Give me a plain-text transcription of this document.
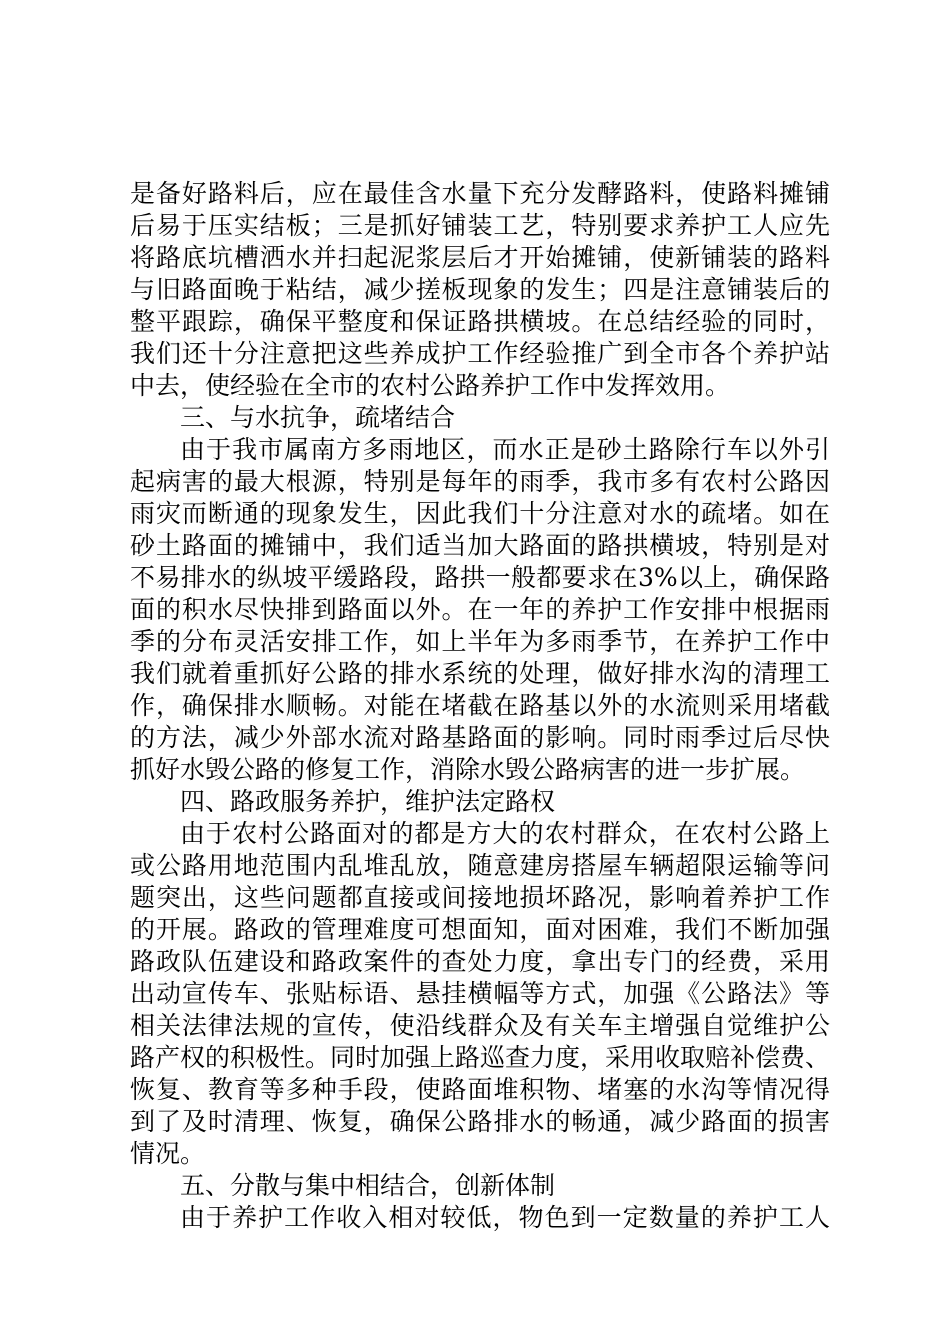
是备好路料后，应在最佳含水量下充分发酵路料，使路料摊铺
后易于压实结板；三是抓好铺装工艺，特别要求养护工人应先
将路底坑槽洒水并扫起泥浆层后才开始摊铺，使新铺装的路料
与旧路面晚于粘结，减少搓板现象的发生；四是注意铺装后的
整平跟踪，确保平整度和保证路拱横坡。在总结经验的同时，
我们还十分注意把这些养成护工作经验推广到全市各个养护站
中去，使经验在全市的农村公路养护工作中发挥效用。
三、与水抗争，疏堵结合
由于我市属南方多雨地区，而水正是砂土路除行车以外引
起病害的最大根源，特别是每年的雨季，我市多有农村公路因
雨灾而断通的现象发生，因此我们十分注意对水的疏堵。如在
砂土路面的摊铺中，我们适当加大路面的路拱横坡，特别是对
不易排水的纵坡平缓路段，路拱一般都要求在3%以上，确保路
面的积水尽快排到路面以外。在一年的养护工作安排中根据雨
季的分布灵活安排工作，如上半年为多雨季节，在养护工作中
我们就着重抓好公路的排水系统的处理，做好排水沟的清理工
作，确保排水顺畅。对能在堵截在路基以外的水流则采用堵截
的方法，减少外部水流对路基路面的影响。同时雨季过后尽快
抓好水毁公路的修复工作，消除水毁公路病害的进一步扩展。
四、路政服务养护，维护法定路权
由于农村公路面对的都是方大的农村群众，在农村公路上
或公路用地范围内乱堆乱放，随意建房搭屋车辆超限运输等问
题突出，这些问题都直接或间接地损坏路况，影响着养护工作
的开展。路政的管理难度可想面知，面对困难，我们不断加强
路政队伍建设和路政案件的查处力度，拿出专门的经费，采用
出动宣传车、张贴标语、悬挂横幅等方式，加强《公路法》等
相关法律法规的宣传，使沿线群众及有关车主增强自觉维护公
路产权的积极性。同时加强上路巡查力度，采用收取赔补偿费、
恢复、教育等多种手段，使路面堆积物、堵塞的水沟等情况得
到了及时清理、恢复，确保公路排水的畅通，减少路面的损害
情况。
五、分散与集中相结合，创新体制
由于养护工作收入相对较低，物色到一定数量的养护工人
